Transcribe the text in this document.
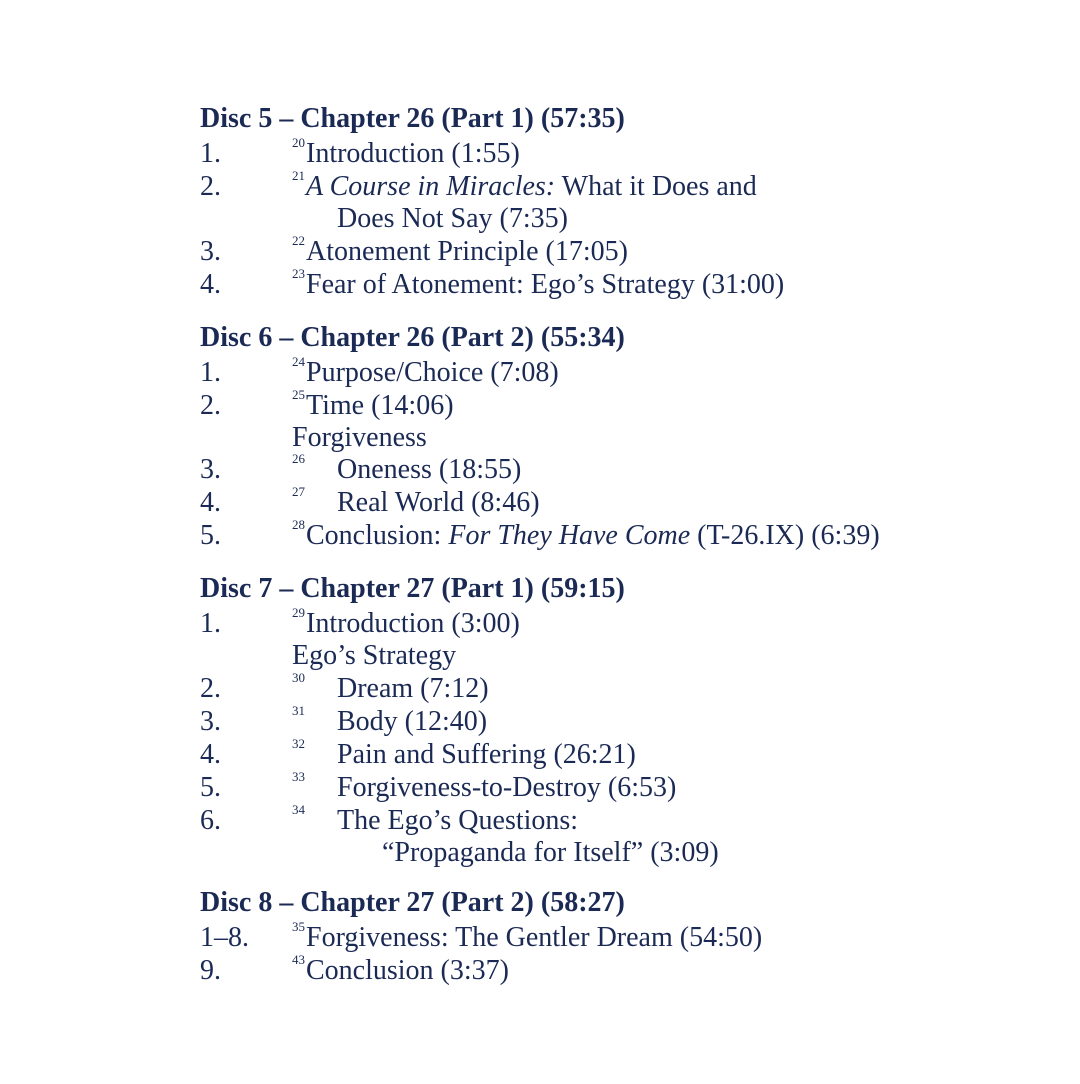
Disc 5 – Chapter 26 (Part 1) (57:35)
1.	20 Introduction (1:55)
2.	21 A Course in Miracles: What it Does and
Does Not Say (7:35)
3.	22 Atonement Principle (17:05)
4.	23 Fear of Atonement: Ego’s Strategy (31:00)
Disc 6 – Chapter 26 (Part 2) (55:34)
1.	24 Purpose/Choice (7:08)
2.	25 Time (14:06)
Forgiveness
3.	26 Oneness (18:55)
4.	27 Real World (8:46)
5.	28 Conclusion: For They Have Come (T-26.IX) (6:39)
Disc 7 – Chapter 27 (Part 1) (59:15)
1.	29 Introduction (3:00)
Ego’s Strategy
2.	30 Dream (7:12)
3.	31 Body (12:40)
4.	32 Pain and Suffering (26:21)
5.	33 Forgiveness-to-Destroy (6:53)
6.	34 The Ego’s Questions:
“Propaganda for Itself” (3:09)
Disc 8 – Chapter 27 (Part 2) (58:27)
1–8.	35 Forgiveness: The Gentler Dream (54:50)
9.	43 Conclusion (3:37)
